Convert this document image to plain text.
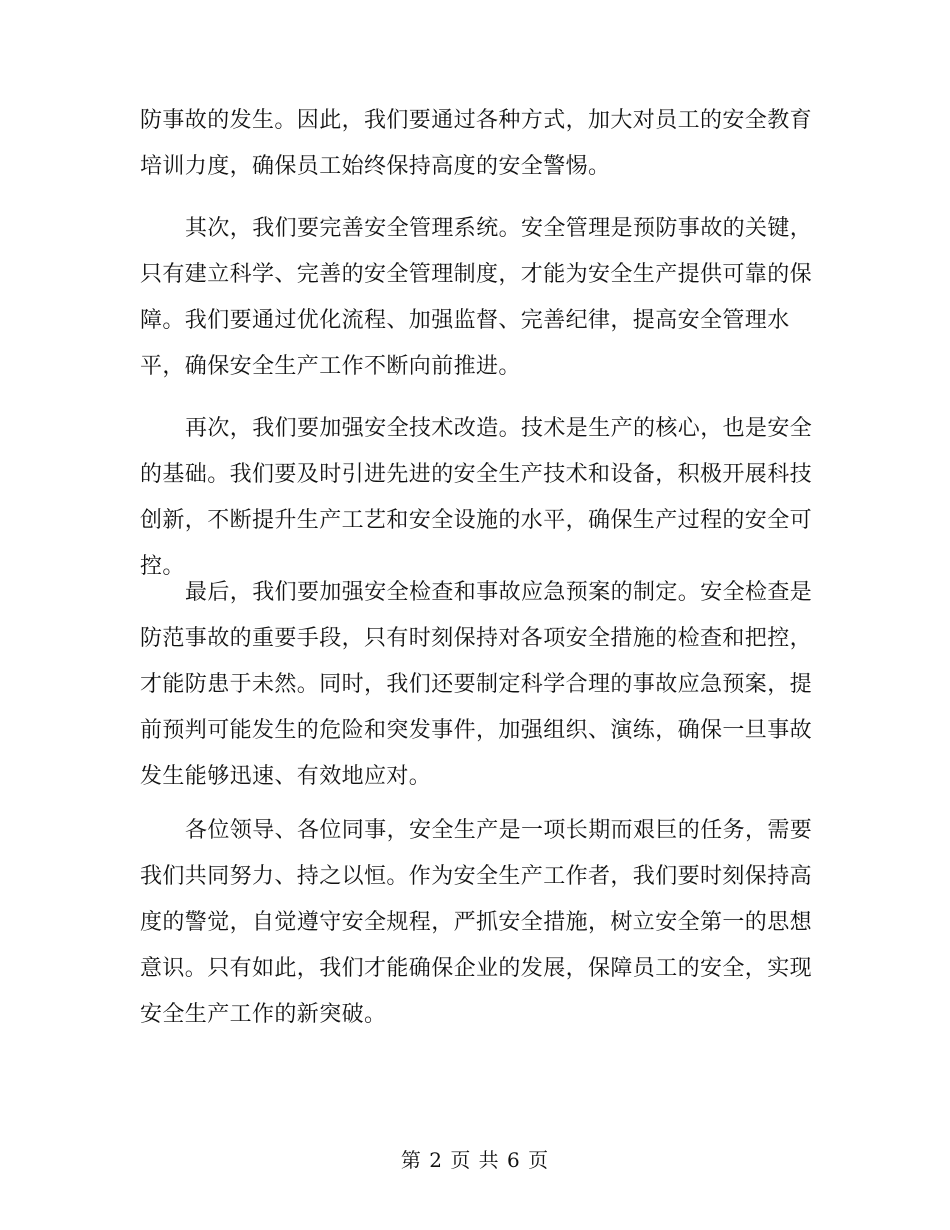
防事故的发生。因此，我们要通过各种方式，加大对员工的安全教育
培训力度，确保员工始终保持高度的安全警惕。
其次，我们要完善安全管理系统。安全管理是预防事故的关键，
只有建立科学、完善的安全管理制度，才能为安全生产提供可靠的保
障。我们要通过优化流程、加强监督、完善纪律，提高安全管理水
平，确保安全生产工作不断向前推进。
再次，我们要加强安全技术改造。技术是生产的核心，也是安全
的基础。我们要及时引进先进的安全生产技术和设备，积极开展科技
创新，不断提升生产工艺和安全设施的水平，确保生产过程的安全可
控。
最后，我们要加强安全检查和事故应急预案的制定。安全检查是
防范事故的重要手段，只有时刻保持对各项安全措施的检查和把控，
才能防患于未然。同时，我们还要制定科学合理的事故应急预案，提
前预判可能发生的危险和突发事件，加强组织、演练，确保一旦事故
发生能够迅速、有效地应对。
各位领导、各位同事，安全生产是一项长期而艰巨的任务，需要
我们共同努力、持之以恒。作为安全生产工作者，我们要时刻保持高
度的警觉，自觉遵守安全规程，严抓安全措施，树立安全第一的思想
意识。只有如此，我们才能确保企业的发展，保障员工的安全，实现
安全生产工作的新突破。
第 2 页 共 6 页
